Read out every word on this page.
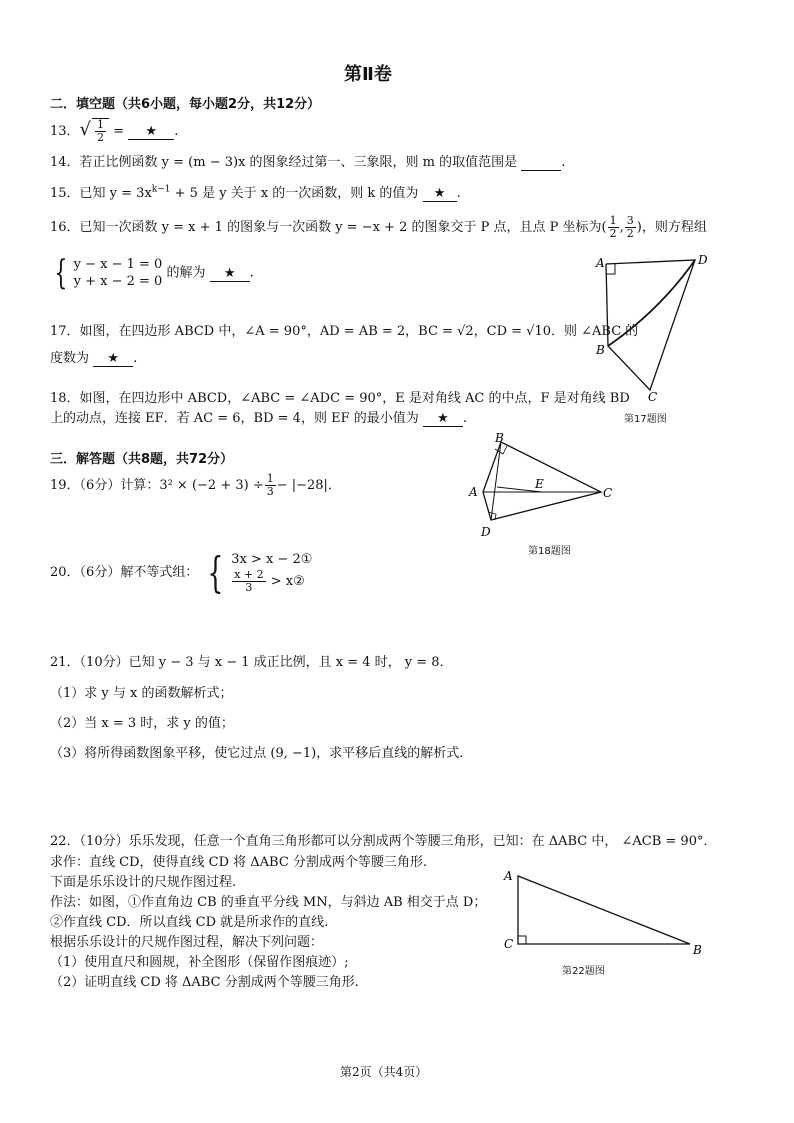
第Ⅱ卷
二．填空题（共6小题，每小题2分，共12分）
13．√ $\frac{1}{2}$ = ★ .
14．若正比例函数 y = (m − 3)x 的图象经过第一、三象限，则 m 的取值范围是	.
15．已知 $y = 3x^{k-1} + 5$ 是 y 关于 x 的一次函数，则 k 的值为 ★ .
16．已知一次函数 y = x + 1 的图象与一次函数 y = −x + 2 的图象交于 P 点，且点 P 坐标为( $\frac{1}{2}$ , $\frac{3}{2}$ )，则方程组
{ y − x − 1 = 0
y + x − 2 = 0
的解为 ★ .
17．如图，在四边形 ABCD 中，∠A = 90°，AD = AB = 2，BC = √2，CD = √10．则 ∠ABC 的
度数为 ★ .
A	D
B
C
第17题图
18．如图，在四边形中 ABCD，∠ABC = ∠ADC = 90°，E 是对角线 AC 的中点，F 是对角线 BD
上的动点，连接 EF．若 AC = 6，BD = 4，则 EF 的最小值为 ★ .
B
A	C
E
D
第18题图
三．解答题（共8题，共72分）
19．（6分）计算：$3^2 \times (-2 + 3) \div \frac{1}{3} - |-28|$．
20．（6分）解不等式组： { 3x > x − 2①
$\frac{x + 2}{3}$ > x②
21．（10分）已知 y − 3 与 x − 1 成正比例，且 x = 4 时， y = 8．
（1）求 y 与 x 的函数解析式；
（2）当 x = 3 时，求 y 的值；
（3）将所得函数图象平移，使它过点 (9, −1)，求平移后直线的解析式.
22．（10分）乐乐发现，任意一个直角三角形都可以分割成两个等腰三角形，已知：在 ΔABC 中， ∠ACB = 90°．
求作：直线 CD，使得直线 CD 将 ΔABC 分割成两个等腰三角形.
下面是乐乐设计的尺规作图过程.
作法：如图，①作直角边 CB 的垂直平分线 MN，与斜边 AB 相交于点 D；
②作直线 CD．所以直线 CD 就是所求作的直线.
根据乐乐设计的尺规作图过程，解决下列问题：
（1）使用直尺和圆规，补全图形（保留作图痕迹）;
（2）证明直线 CD 将 ΔABC 分割成两个等腰三角形.
A
C	B
第22题图
第2页（共4页）
